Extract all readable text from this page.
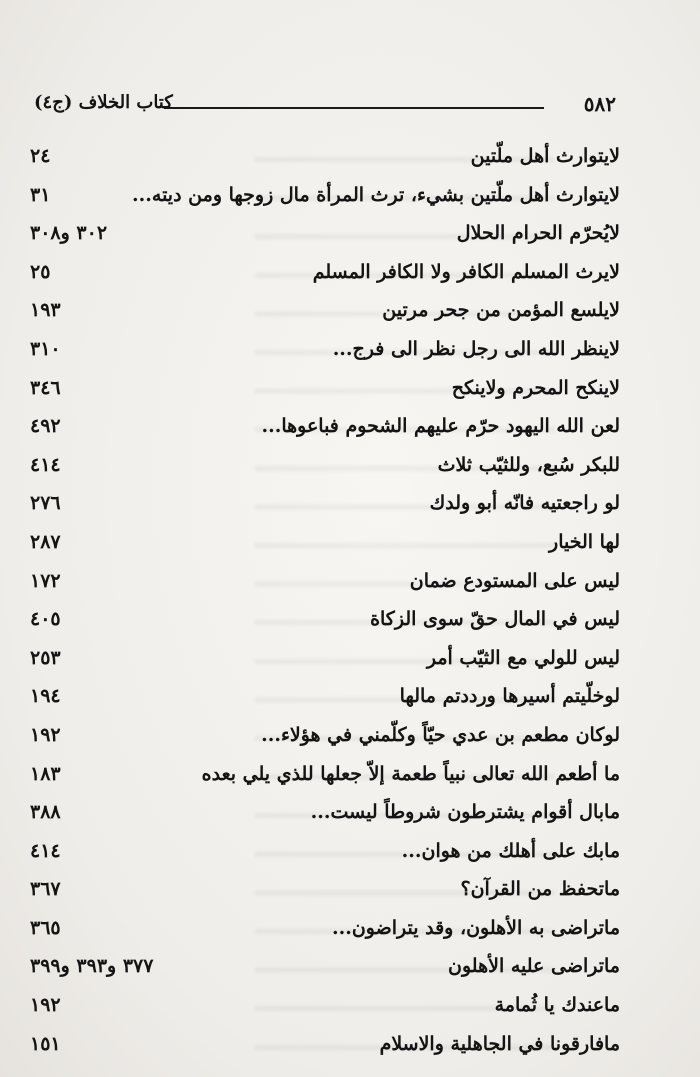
٥٨٢
كتاب الخلاف (ج٤)
لايتوارث أهل ملّتين
٢٤
لايتوارث أهل ملّتين بشيء، ترث المرأة مال زوجها ومن ديته...
٣١
لايُحرّم الحرام الحلال
٣٠٢ و٣٠٨
لايرث المسلم الكافر ولا الكافر المسلم
٢٥
لايلسع المؤمن من جحر مرتين
١٩٣
لاينظر الله الى رجل نظر الى فرج...
٣١٠
لاينكح المحرم ولاينكح
٣٤٦
لعن الله اليهود حرّم عليهم الشحوم فباعوها...
٤٩٢
للبكر سُبع، وللثيّب ثلاث
٤١٤
لو راجعتيه فانّه أبو ولدك
٢٧٦
لها الخيار
٢٨٧
ليس على المستودع ضمان
١٧٢
ليس في المال حقّ سوى الزكاة
٤٠٥
ليس للولي مع الثيّب أمر
٢٥٣
لوخلّيتم أسيرها ورددتم مالها
١٩٤
لوكان مطعم بن عدي حيّاً وكلّمني في هؤلاء...
١٩٢
ما أطعم الله تعالى نبياً طعمة إلاّ جعلها للذي يلي بعده
١٨٣
مابال أقوام يشترطون شروطاً ليست...
٣٨٨
مابك على أهلك من هوان...
٤١٤
ماتحفظ من القرآن؟
٣٦٧
ماتراضى به الأهلون، وقد يتراضون...
٣٦٥
ماتراضى عليه الأهلون
٣٧٧ و٣٩٣ و٣٩٩
ماعندك يا ثُمامة
١٩٢
مافارقونا في الجاهلية والاسلام
١٥١
